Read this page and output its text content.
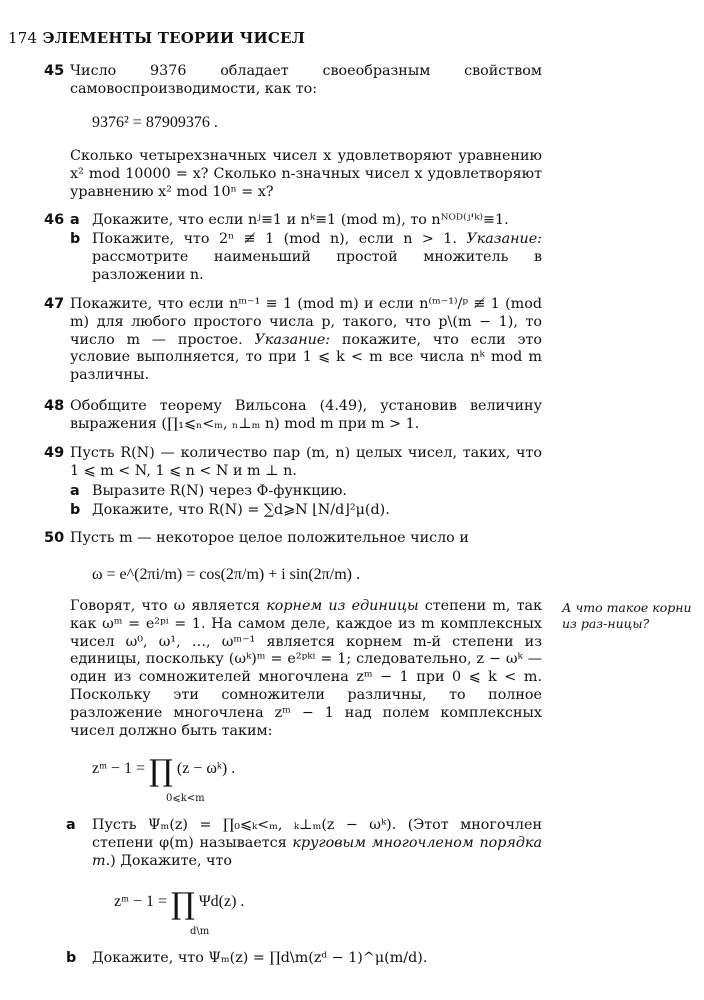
174 ЭЛЕМЕНТЫ ТЕОРИИ ЧИСЕЛ
45 Число 9376 обладает своеобразным свойством самовоспроизводимости, как то:

9376² = 87909376 .

Сколько четырехзначных чисел x удовлетворяют уравнению x² mod 10000 = x? Сколько n-значных чисел x удовлетворяют уравнению x² mod 10ⁿ = x?

46 a Докажите, что если nʲ≡1 и nᵏ≡1 (mod m), то nᴺᴼᴰ⁽ʲ'ᵏ⁾≡1.

b Покажите, что 2ⁿ ≢ 1 (mod n), если n > 1. Указание: рассмотрите наименьший простой множитель в разложении n.

47 Покажите, что если nᵐ⁻¹ ≡ 1 (mod m) и если n⁽ᵐ⁻¹⁾/ᵖ ≢ 1 (mod m) для любого простого числа p, такого, что p\(m − 1), то число m — простое. Указание: покажите, что если это условие выполняется, то при 1 ⩽ k < m все числа nᵏ mod m различны.

48 Обобщите теорему Вильсона (4.49), установив величину выражения (∏₁⩽ₙ<ₘ, ₙ⊥ₘ n) mod m при m > 1.

49 Пусть R(N) — количество пар (m, n) целых чисел, таких, что 1 ⩽ m < N, 1 ⩽ n < N и m ⊥ n.

a Выразите R(N) через Φ-функцию.

b Докажите, что R(N) = ∑d⩾N ⌊N/d⌋²μ(d).

50 Пусть m — некоторое целое положительное число и

ω = e^(2πi/m) = cos(2π/m) + i sin(2π/m) .

Говорят, что ω является корнем из единицы степени m, так как ωᵐ = e²ᵖⁱ = 1. На самом деле, каждое из m комплексных чисел ω⁰, ω¹, …, ωᵐ⁻¹ является корнем m-й степени из единицы, поскольку (ωᵏ)ᵐ = e²ᵖᵏⁱ = 1; следовательно, z − ωᵏ — один из сомножителей многочлена zᵐ − 1 при 0 ⩽ k < m. Поскольку эти сомножители различны, то полное разложение многочлена zᵐ − 1 над полем комплексных чисел должно быть таким:

А что такое корни из раз-ницы?
zᵐ − 1 = ∏ (z − ωᵏ) .
0⩽k<m
a Пусть Ψₘ(z) = ∏₀⩽ₖ<ₘ, ₖ⊥ₘ(z − ωᵏ). (Этот многочлен степени φ(m) называется круговым многочленом порядка m.) Докажите, что

zᵐ − 1 = ∏ Ψd(z) .
d\m
b Докажите, что Ψₘ(z) = ∏d\m(zᵈ − 1)^μ(m/d).
